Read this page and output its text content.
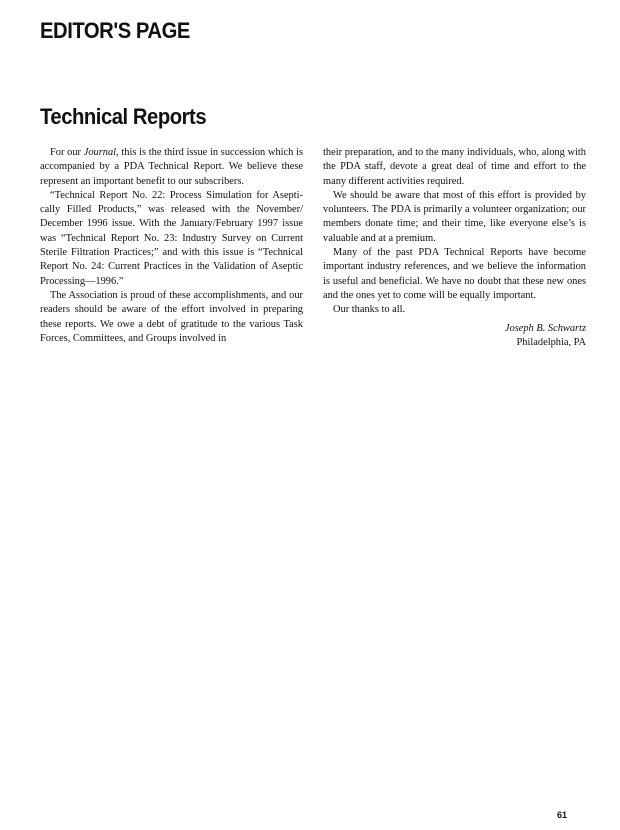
EDITOR'S PAGE
Technical Reports

For our Journal, this is the third issue in succession which is accompanied by a PDA Technical Report. We believe these represent an important benefit to our subscribers.

“Technical Report No. 22: Process Simulation for Aseptically Filled Products,” was released with the November/​December 1996 issue. With the January/February 1997 issue was “Technical Report No. 23: Industry Survey on Current Sterile Filtration Practices;” and with this issue is “Technical Report No. 24: Current Practices in the Validation of Aseptic Processing—1996.”

The Association is proud of these accomplishments, and our readers should be aware of the effort involved in preparing these reports. We owe a debt of gratitude to the various Task Forces, Committees, and Groups involved in

their preparation, and to the many individuals, who, along with the PDA staff, devote a great deal of time and effort to the many different activities required.

We should be aware that most of this effort is provided by volunteers. The PDA is primarily a volunteer organization; our members donate time; and their time, like everyone else’s is valuable and at a premium.

Many of the past PDA Technical Reports have become important industry references, and we believe the information is useful and beneficial. We have no doubt that these new ones and the ones yet to come will be equally important.

Our thanks to all.

Joseph B. Schwartz
Philadelphia, PA
61
